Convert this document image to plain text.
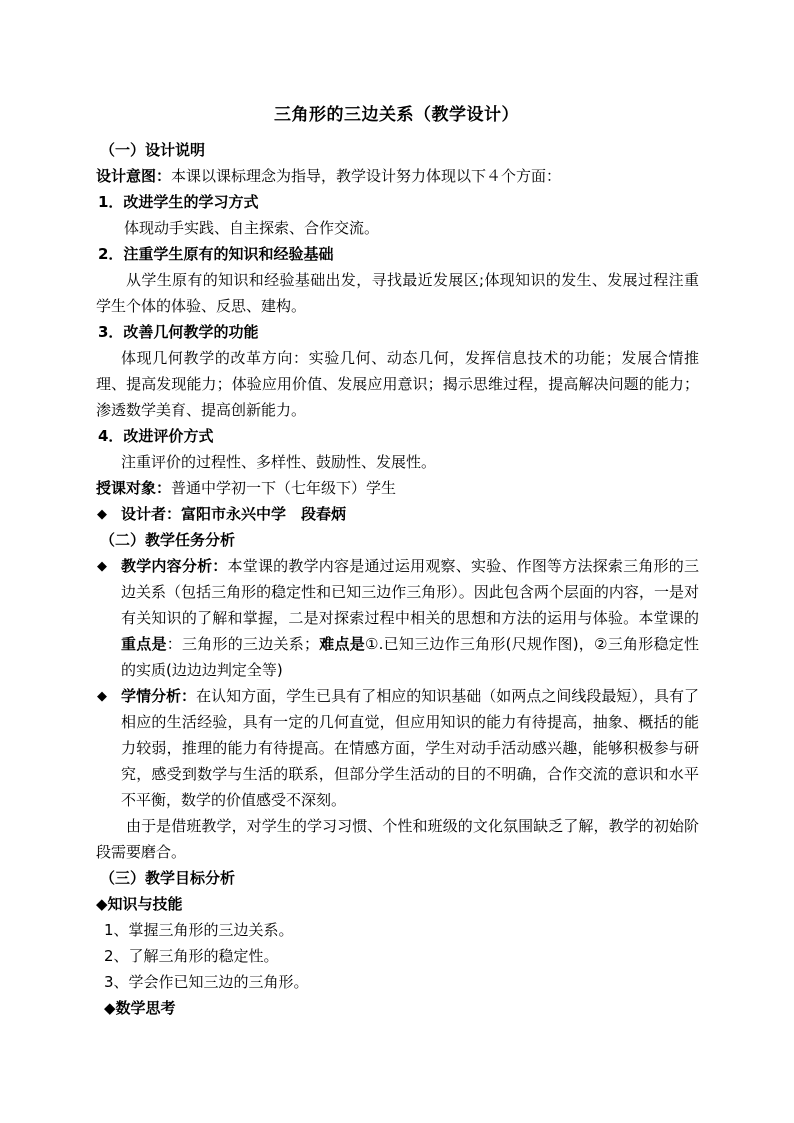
三角形的三边关系（教学设计）
（一）设计说明
设计意图：本课以课标理念为指导，教学设计努力体现以下４个方面：
1．改进学生的学习方式
体现动手实践、自主探索、合作交流。
2．注重学生原有的知识和经验基础
从学生原有的知识和经验基础出发，寻找最近发展区;体现知识的发生、发展过程注重学生个体的体验、反思、建构。
3．改善几何教学的功能
体现几何教学的改革方向：实验几何、动态几何，发挥信息技术的功能；发展合情推理、提高发现能力；体验应用价值、发展应用意识；揭示思维过程，提高解决问题的能力；渗透数学美育、提高创新能力。
4．改进评价方式
注重评价的过程性、多样性、鼓励性、发展性。
授课对象：普通中学初一下（七年级下）学生
◆ 设计者：富阳市永兴中学　段春炳
（二）教学任务分析
◆ 教学内容分析：本堂课的教学内容是通过运用观察、实验、作图等方法探索三角形的三边关系（包括三角形的稳定性和已知三边作三角形）。因此包含两个层面的内容，一是对有关知识的了解和掌握，二是对探索过程中相关的思想和方法的运用与体验。本堂课的重点是：三角形的三边关系；难点是①.已知三边作三角形(尺规作图)，②三角形稳定性的实质(边边边判定全等)
◆ 学情分析：在认知方面，学生已具有了相应的知识基础（如两点之间线段最短），具有了相应的生活经验，具有一定的几何直觉，但应用知识的能力有待提高，抽象、概括的能力较弱，推理的能力有待提高。在情感方面，学生对动手活动感兴趣，能够积极参与研究，感受到数学与生活的联系，但部分学生活动的目的不明确，合作交流的意识和水平不平衡，数学的价值感受不深刻。
由于是借班教学，对学生的学习习惯、个性和班级的文化氛围缺乏了解，教学的初始阶段需要磨合。
（三）教学目标分析
◆知识与技能
1、掌握三角形的三边关系。
2、了解三角形的稳定性。
3、学会作已知三边的三角形。
◆数学思考
